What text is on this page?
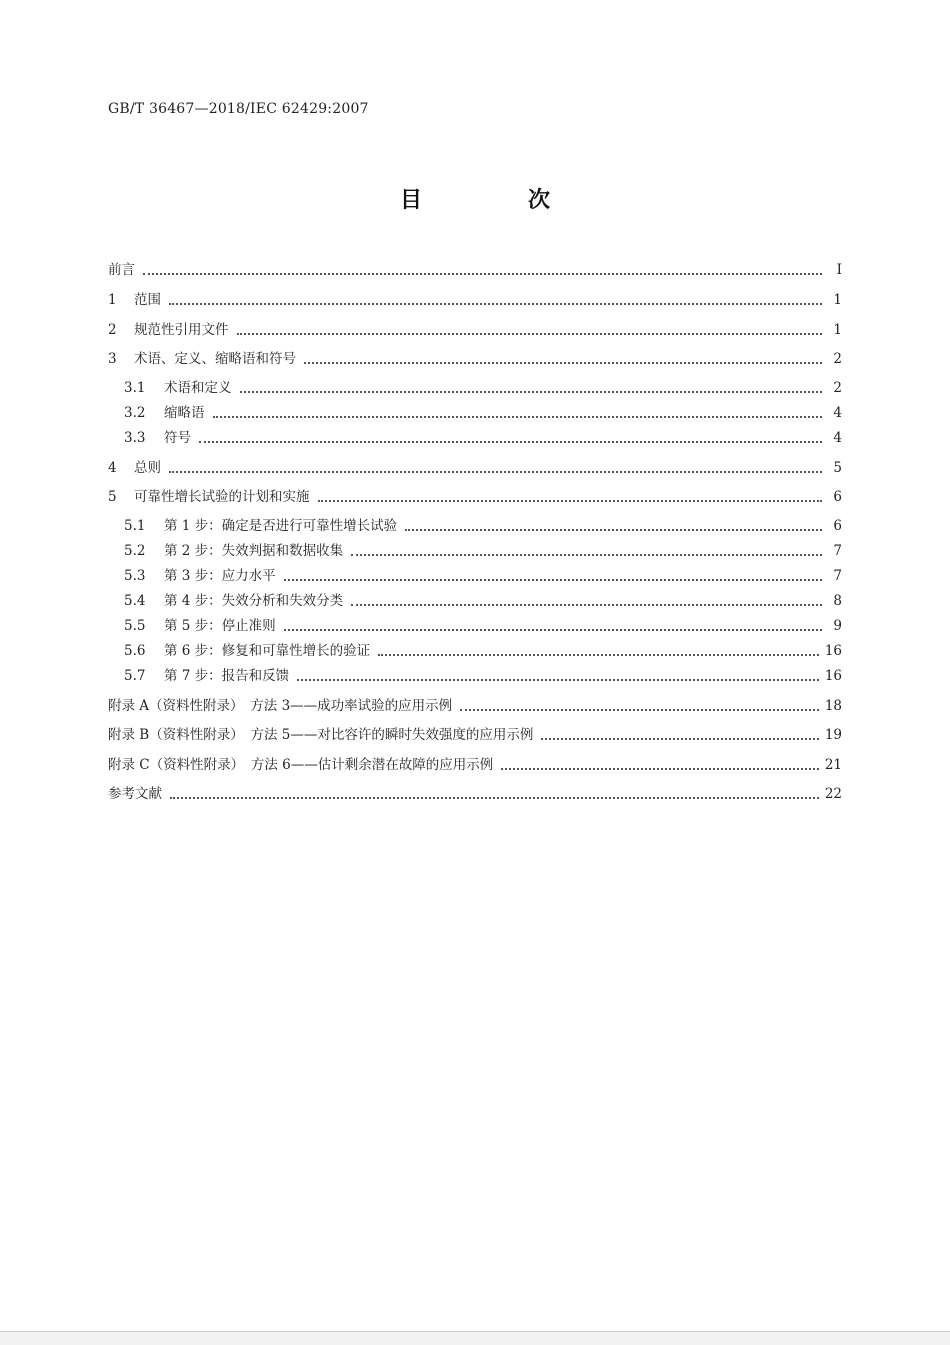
GB/T 36467—2018/IEC 62429:2007
目　次
前言	Ⅰ
1	范围	1
2	规范性引用文件	1
3	术语、定义、缩略语和符号	2
3.1	术语和定义	2
3.2	缩略语	4
3.3	符号	4
4	总则	5
5	可靠性增长试验的计划和实施	6
5.1	第 1 步：确定是否进行可靠性增长试验	6
5.2	第 2 步：失效判据和数据收集	7
5.3	第 3 步：应力水平	7
5.4	第 4 步：失效分析和失效分类	8
5.5	第 5 步：停止准则	9
5.6	第 6 步：修复和可靠性增长的验证	16
5.7	第 7 步：报告和反馈	16
附录 A（资料性附录）　方法 3——成功率试验的应用示例	18
附录 B（资料性附录）　方法 5——对比容许的瞬时失效强度的应用示例	19
附录 C（资料性附录）　方法 6——估计剩余潜在故障的应用示例	21
参考文献	22
